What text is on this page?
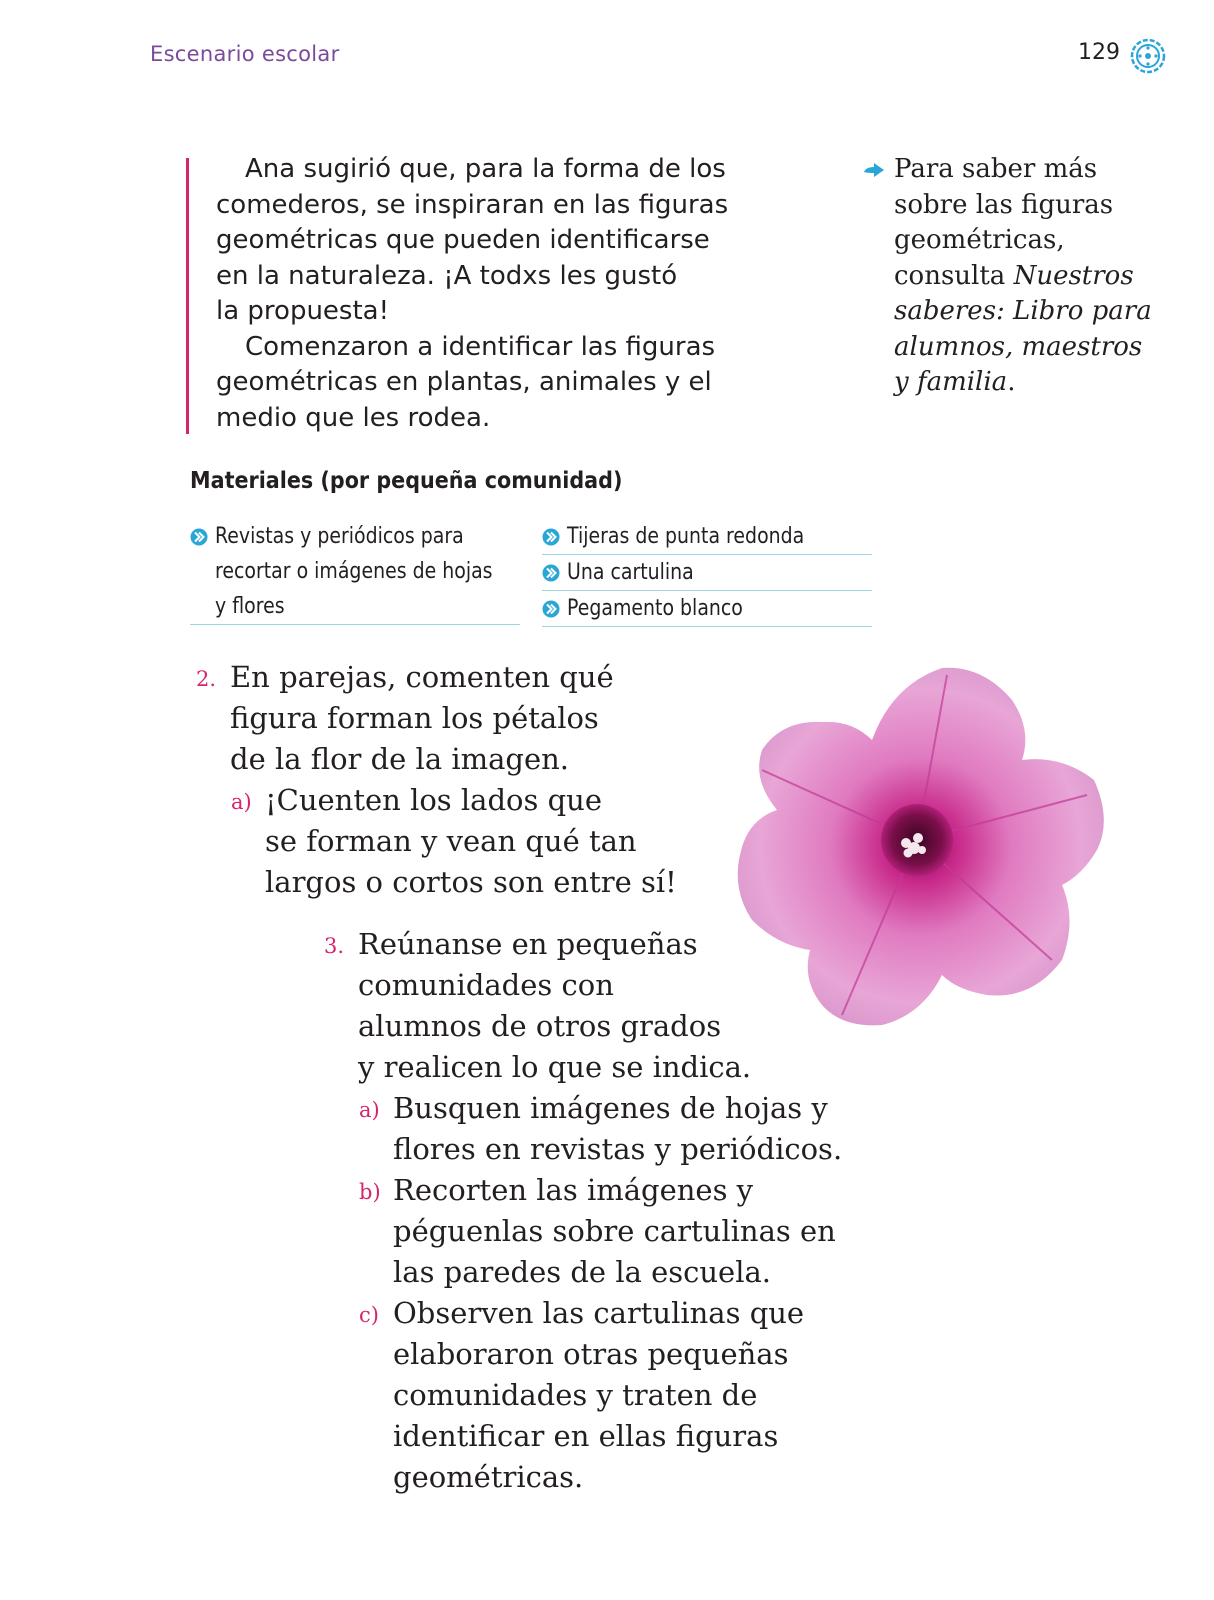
Escenario escolar	129

Ana sugirió que, para la forma de los
comederos, se inspiraran en las figuras
geométricas que pueden identificarse
en la naturaleza. ¡A todxs les gustó
la propuesta!

Comenzaron a identificar las figuras
geométricas en plantas, animales y el
medio que les rodea.

Para saber más
sobre las figuras
geométricas,
consulta Nuestros
saberes: Libro para
alumnos, maestros
y familia.
Materiales (por pequeña comunidad)
Revistas y periódicos para
recortar o imágenes de hojas
y flores
Tijeras de punta redonda
Una cartulina
Pegamento blanco
2. En parejas, comenten qué
figura forman los pétalos
de la flor de la imagen.
a) ¡Cuenten los lados que
se forman y vean qué tan
largos o cortos son entre sí!
3. Reúnanse en pequeñas
comunidades con
alumnos de otros grados
y realicen lo que se indica.
a) Busquen imágenes de hojas y
flores en revistas y periódicos.
b) Recorten las imágenes y
péguenlas sobre cartulinas en
las paredes de la escuela.
c) Observen las cartulinas que
elaboraron otras pequeñas
comunidades y traten de
identificar en ellas figuras
geométricas.
